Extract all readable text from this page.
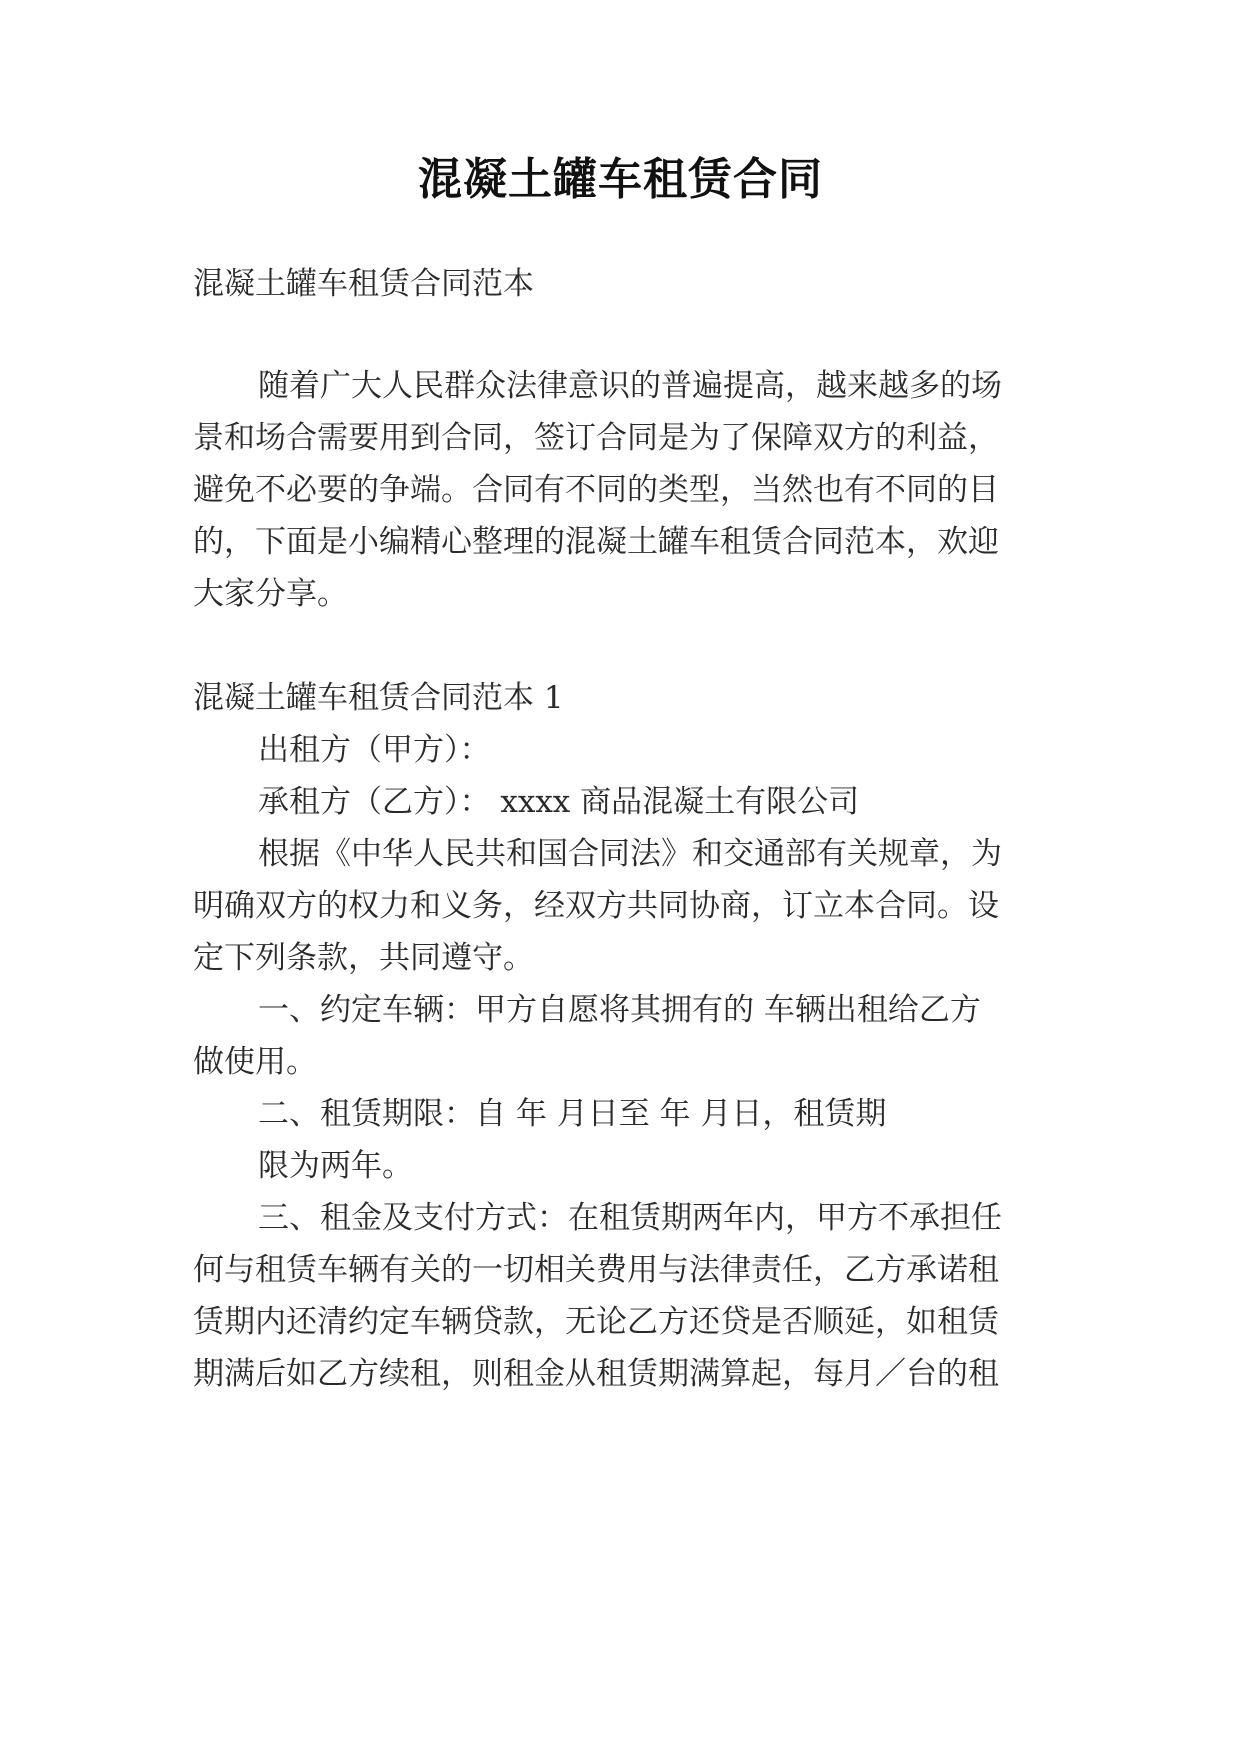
混凝土罐车租赁合同
混凝土罐车租赁合同范本
随着广大人民群众法律意识的普遍提高，越来越多的场
景和场合需要用到合同，签订合同是为了保障双方的利益，
避免不必要的争端。合同有不同的类型，当然也有不同的目
的，下面是小编精心整理的混凝土罐车租赁合同范本，欢迎
大家分享。
混凝土罐车租赁合同范本 1
出租方（甲方）：
承租方（乙方）： xxxx 商品混凝土有限公司
根据《中华人民共和国合同法》和交通部有关规章，为
明确双方的权力和义务，经双方共同协商，订立本合同。设
定下列条款，共同遵守。
一、约定车辆：甲方自愿将其拥有的 车辆出租给乙方
做使用。
二、租赁期限：自 年 月日至 年 月日，租赁期
限为两年。
三、租金及支付方式：在租赁期两年内，甲方不承担任
何与租赁车辆有关的一切相关费用与法律责任，乙方承诺租
赁期内还清约定车辆贷款，无论乙方还贷是否顺延，如租赁
期满后如乙方续租，则租金从租赁期满算起，每月／台的租
